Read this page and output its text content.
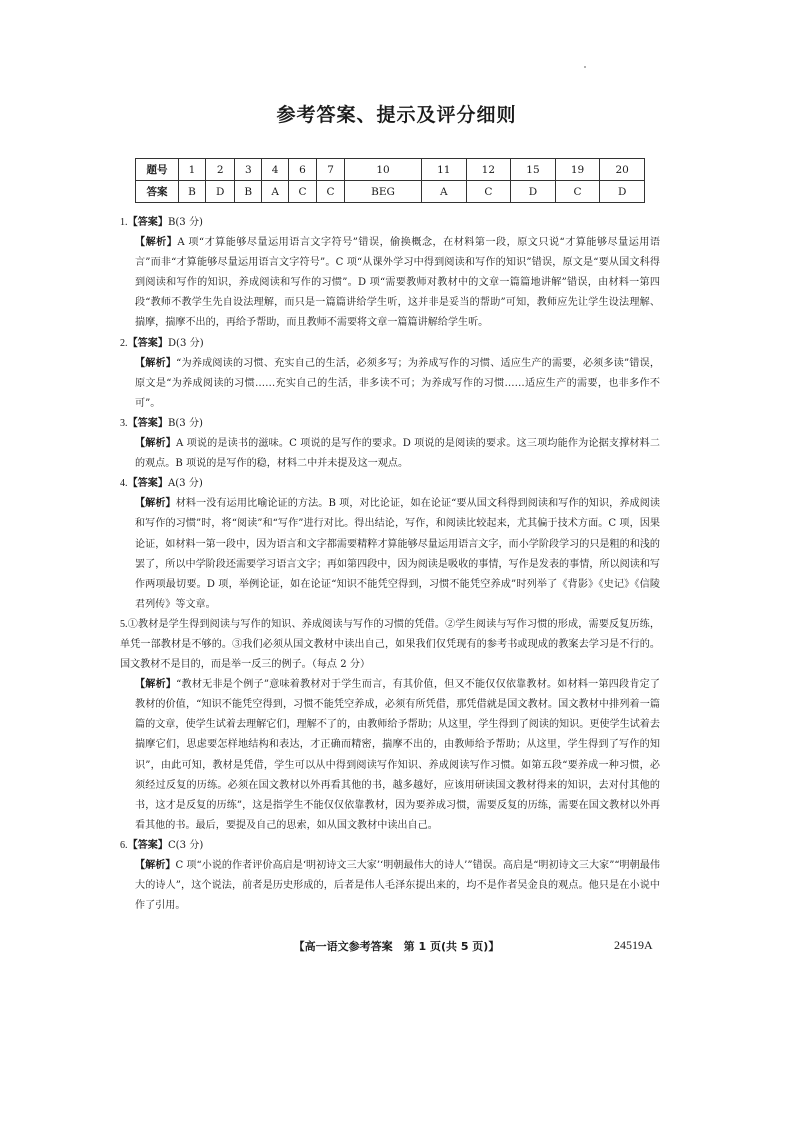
参考答案、提示及评分细则
题号	1	2	3	4	6	7	10	11	12	15	19	20
答案	B	D	B	A	C	C	BEG	A	C	D	C	D

1.【答案】B(3 分)

【解析】A 项“才算能够尽量运用语言文字符号”错误，偷换概念，在材料第一段，原文只说“才算能够尽量运用语言”而非“才算能够尽量运用语言文字符号”。C 项“从课外学习中得到阅读和写作的知识”错误，原文是“要从国文科得到阅读和写作的知识，养成阅读和写作的习惯”。D 项“需要教师对教材中的文章一篇篇地讲解”错误，由材料一第四段“教师不教学生先自设法理解，而只是一篇篇讲给学生听，这并非是妥当的帮助”可知，教师应先让学生设法理解、揣摩，揣摩不出的，再给予帮助，而且教师不需要将文章一篇篇讲解给学生听。

2.【答案】D(3 分)

【解析】“为养成阅读的习惯、充实自己的生活，必须多写；为养成写作的习惯、适应生产的需要，必须多读”错误，原文是“为养成阅读的习惯……充实自己的生活，非多读不可；为养成写作的习惯……适应生产的需要，也非多作不可”。

3.【答案】B(3 分)

【解析】A 项说的是读书的滋味。C 项说的是写作的要求。D 项说的是阅读的要求。这三项均能作为论据支撑材料二的观点。B 项说的是写作的稳，材料二中并未提及这一观点。

4.【答案】A(3 分)

【解析】材料一没有运用比喻论证的方法。B 项，对比论证，如在论证“要从国文科得到阅读和写作的知识，养成阅读和写作的习惯”时，将“阅读”和“写作”进行对比。得出结论，写作，和阅读比较起来，尤其偏于技术方面。C 项，因果论证，如材料一第一段中，因为语言和文字都需要精粹才算能够尽量运用语言文字，而小学阶段学习的只是粗的和浅的罢了，所以中学阶段还需要学习语言文字；再如第四段中，因为阅读是吸收的事情，写作是发表的事情，所以阅读和写作两项最切要。D 项，举例论证，如在论证“知识不能凭空得到，习惯不能凭空养成”时列举了《背影》《史记》《信陵君列传》等文章。

5.①教材是学生得到阅读与写作的知识、养成阅读与写作的习惯的凭借。②学生阅读与写作习惯的形成，需要反复历练，单凭一部教材是不够的。③我们必须从国文教材中读出自己，如果我们仅凭现有的参考书或现成的教案去学习是不行的。国文教材不是目的，而是举一反三的例子。（每点 2 分）

【解析】“教材无非是个例子”意味着教材对于学生而言，有其价值，但又不能仅仅依靠教材。如材料一第四段肯定了教材的价值，“知识不能凭空得到，习惯不能凭空养成，必须有所凭借，那凭借就是国文教材。国文教材中排列着一篇篇的文章，使学生试着去理解它们，理解不了的，由教师给予帮助；从这里，学生得到了阅读的知识。更使学生试着去揣摩它们，思虑要怎样地结构和表达，才正确而精密，揣摩不出的，由教师给予帮助；从这里，学生得到了写作的知识”，由此可知，教材是凭借，学生可以从中得到阅读写作知识、养成阅读写作习惯。如第五段“要养成一种习惯，必须经过反复的历练。必须在国文教材以外再看其他的书，越多越好，应该用研读国文教材得来的知识，去对付其他的书，这才是反复的历练”，这是指学生不能仅仅依靠教材，因为要养成习惯，需要反复的历练，需要在国文教材以外再看其他的书。最后，要提及自己的思索，如从国文教材中读出自己。

6.【答案】C(3 分)

【解析】C 项“小说的作者评价高启是‘明初诗文三大家’‘明朝最伟大的诗人’”错误。高启是“明初诗文三大家”“明朝最伟大的诗人”，这个说法，前者是历史形成的，后者是伟人毛泽东提出来的，均不是作者吴金良的观点。他只是在小说中作了引用。

【高一语文参考答案　第 1 页(共 5 页)】	24519A
